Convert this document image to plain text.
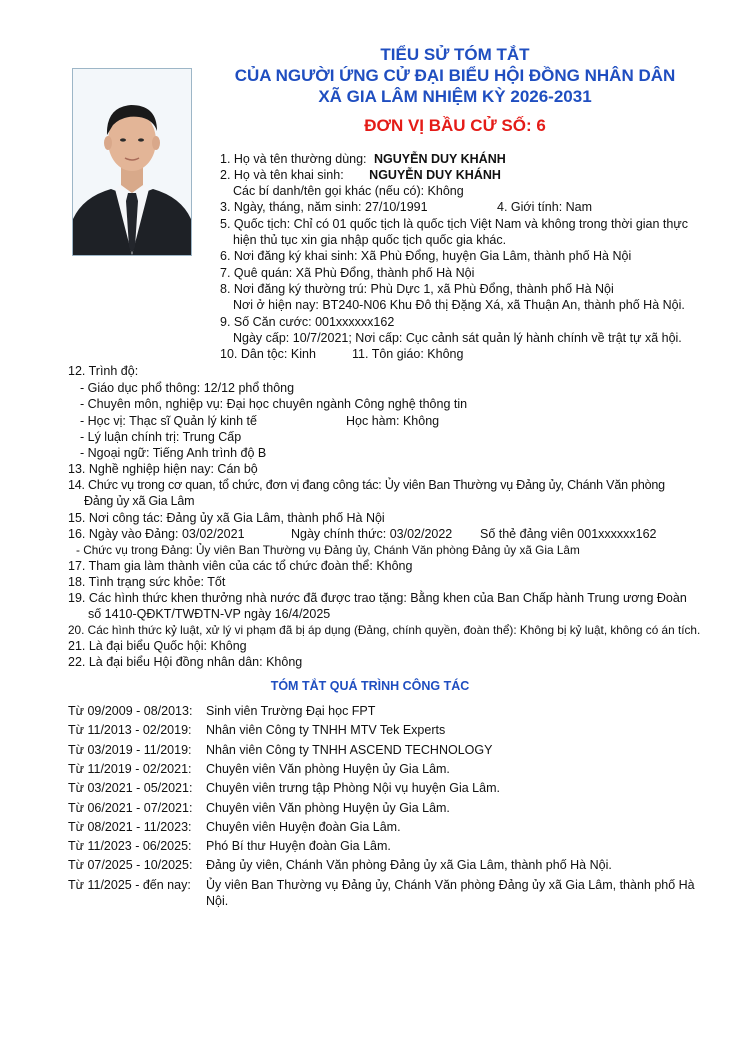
TIỂU SỬ TÓM TẮT
CỦA NGƯỜI ỨNG CỬ ĐẠI BIỂU HỘI ĐỒNG NHÂN DÂN
XÃ GIA LÂM NHIỆM KỲ 2026-2031
ĐƠN VỊ BẦU CỬ SỐ: 6
1. Họ và tên thường dùng: NGUYỄN DUY KHÁNH
2. Họ và tên khai sinh: NGUYỄN DUY KHÁNH
Các bí danh/tên gọi khác (nếu có): Không
3. Ngày, tháng, năm sinh: 27/10/1991	4. Giới tính: Nam
5. Quốc tịch: Chỉ có 01 quốc tịch là quốc tịch Việt Nam và không trong thời gian thực
hiện thủ tục xin gia nhập quốc tịch quốc gia khác.
6. Nơi đăng ký khai sinh: Xã Phù Đổng, huyện Gia Lâm, thành phố Hà Nội
7. Quê quán: Xã Phù Đổng, thành phố Hà Nội
8. Nơi đăng ký thường trú: Phù Dực 1, xã Phù Đổng, thành phố Hà Nội
Nơi ở hiện nay: BT240-N06 Khu Đô thị Đặng Xá, xã Thuận An, thành phố Hà Nội.
9. Số Căn cước: 001xxxxxx162
Ngày cấp: 10/7/2021; Nơi cấp: Cục cảnh sát quản lý hành chính về trật tự xã hội.
10. Dân tộc: Kinh	11. Tôn giáo: Không
12. Trình độ:
- Giáo dục phổ thông: 12/12 phổ thông
- Chuyên môn, nghiệp vụ: Đại học chuyên ngành Công nghệ thông tin
- Học vị: Thạc sĩ Quản lý kinh tế	Học hàm: Không
- Lý luận chính trị: Trung Cấp
- Ngoại ngữ: Tiếng Anh trình độ B
13. Nghề nghiệp hiện nay: Cán bộ
14. Chức vụ trong cơ quan, tổ chức, đơn vị đang công tác: Ủy viên Ban Thường vụ Đảng ủy, Chánh Văn phòng Đảng ủy xã Gia Lâm
15. Nơi công tác: Đảng ủy xã Gia Lâm, thành phố Hà Nội
16. Ngày vào Đảng: 03/02/2021	Ngày chính thức: 03/02/2022 Số thẻ đảng viên 001xxxxxx162
- Chức vụ trong Đảng: Ủy viên Ban Thường vụ Đảng ủy, Chánh Văn phòng Đảng ủy xã Gia Lâm
17. Tham gia làm thành viên của các tổ chức đoàn thể: Không
18. Tình trạng sức khỏe: Tốt
19. Các hình thức khen thưởng nhà nước đã được trao tặng: Bằng khen của Ban Chấp hành Trung ương Đoàn số 1410-QĐKT/TWĐTN-VP ngày 16/4/2025
20. Các hình thức kỷ luật, xử lý vi phạm đã bị áp dụng (Đảng, chính quyền, đoàn thể): Không bị kỷ luật, không có án tích.
21. Là đại biểu Quốc hội: Không
22. Là đại biểu Hội đồng nhân dân: Không
TÓM TẮT QUÁ TRÌNH CÔNG TÁC
Từ 09/2009 - 08/2013:	Sinh viên Trường Đại học FPT
Từ 11/2013 - 02/2019:	Nhân viên Công ty TNHH MTV Tek Experts
Từ 03/2019 - 11/2019:	Nhân viên Công ty TNHH ASCEND TECHNOLOGY
Từ 11/2019 - 02/2021:	Chuyên viên Văn phòng Huyện ủy Gia Lâm.
Từ 03/2021 - 05/2021:	Chuyên viên trưng tập Phòng Nội vụ huyện Gia Lâm.
Từ 06/2021 - 07/2021:	Chuyên viên Văn phòng Huyện ủy Gia Lâm.
Từ 08/2021 - 11/2023:	Chuyên viên Huyện đoàn Gia Lâm.
Từ 11/2023 - 06/2025:	Phó Bí thư Huyện đoàn Gia Lâm.
Từ 07/2025 - 10/2025:	Đảng ủy viên, Chánh Văn phòng Đảng ủy xã Gia Lâm, thành phố Hà Nội.
Từ 11/2025 - đến nay:	Ủy viên Ban Thường vụ Đảng ủy, Chánh Văn phòng Đảng ủy xã Gia Lâm, thành phố Hà Nội.
